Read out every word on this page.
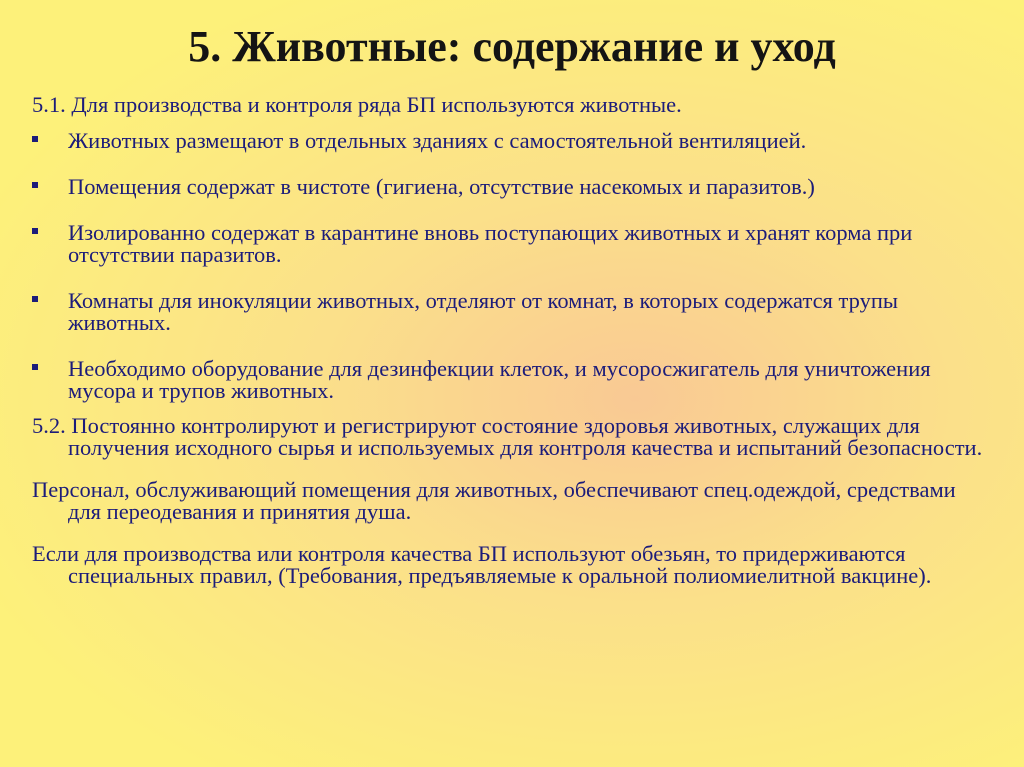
5. Животные: содержание и уход

5.1. Для производства и контроля ряда БП используются животные.

Животных размещают в отдельных зданиях с самостоятельной вентиляцией.
Помещения содержат в чистоте (гигиена, отсутствие насекомых и паразитов.)
Изолированно содержат в карантине вновь поступающих животных и хранят корма при отсутствии паразитов.
Комнаты для инокуляции животных, отделяют от комнат, в которых содержатся трупы животных.
Необходимо оборудование для дезинфекции клеток, и мусоросжигатель для уничтожения мусора и трупов животных.

5.2. Постоянно контролируют и регистрируют состояние здоровья животных, служащих для получения исходного сырья и используемых для контроля качества и испытаний безопасности.

Персонал, обслуживающий помещения для животных, обеспечивают спец.одеждой, средствами для переодевания и принятия душа.

Если для производства или контроля качества БП используют обезьян, то придерживаются специальных правил, (Требования, предъявляемые к оральной полиомиелитной вакцине).
